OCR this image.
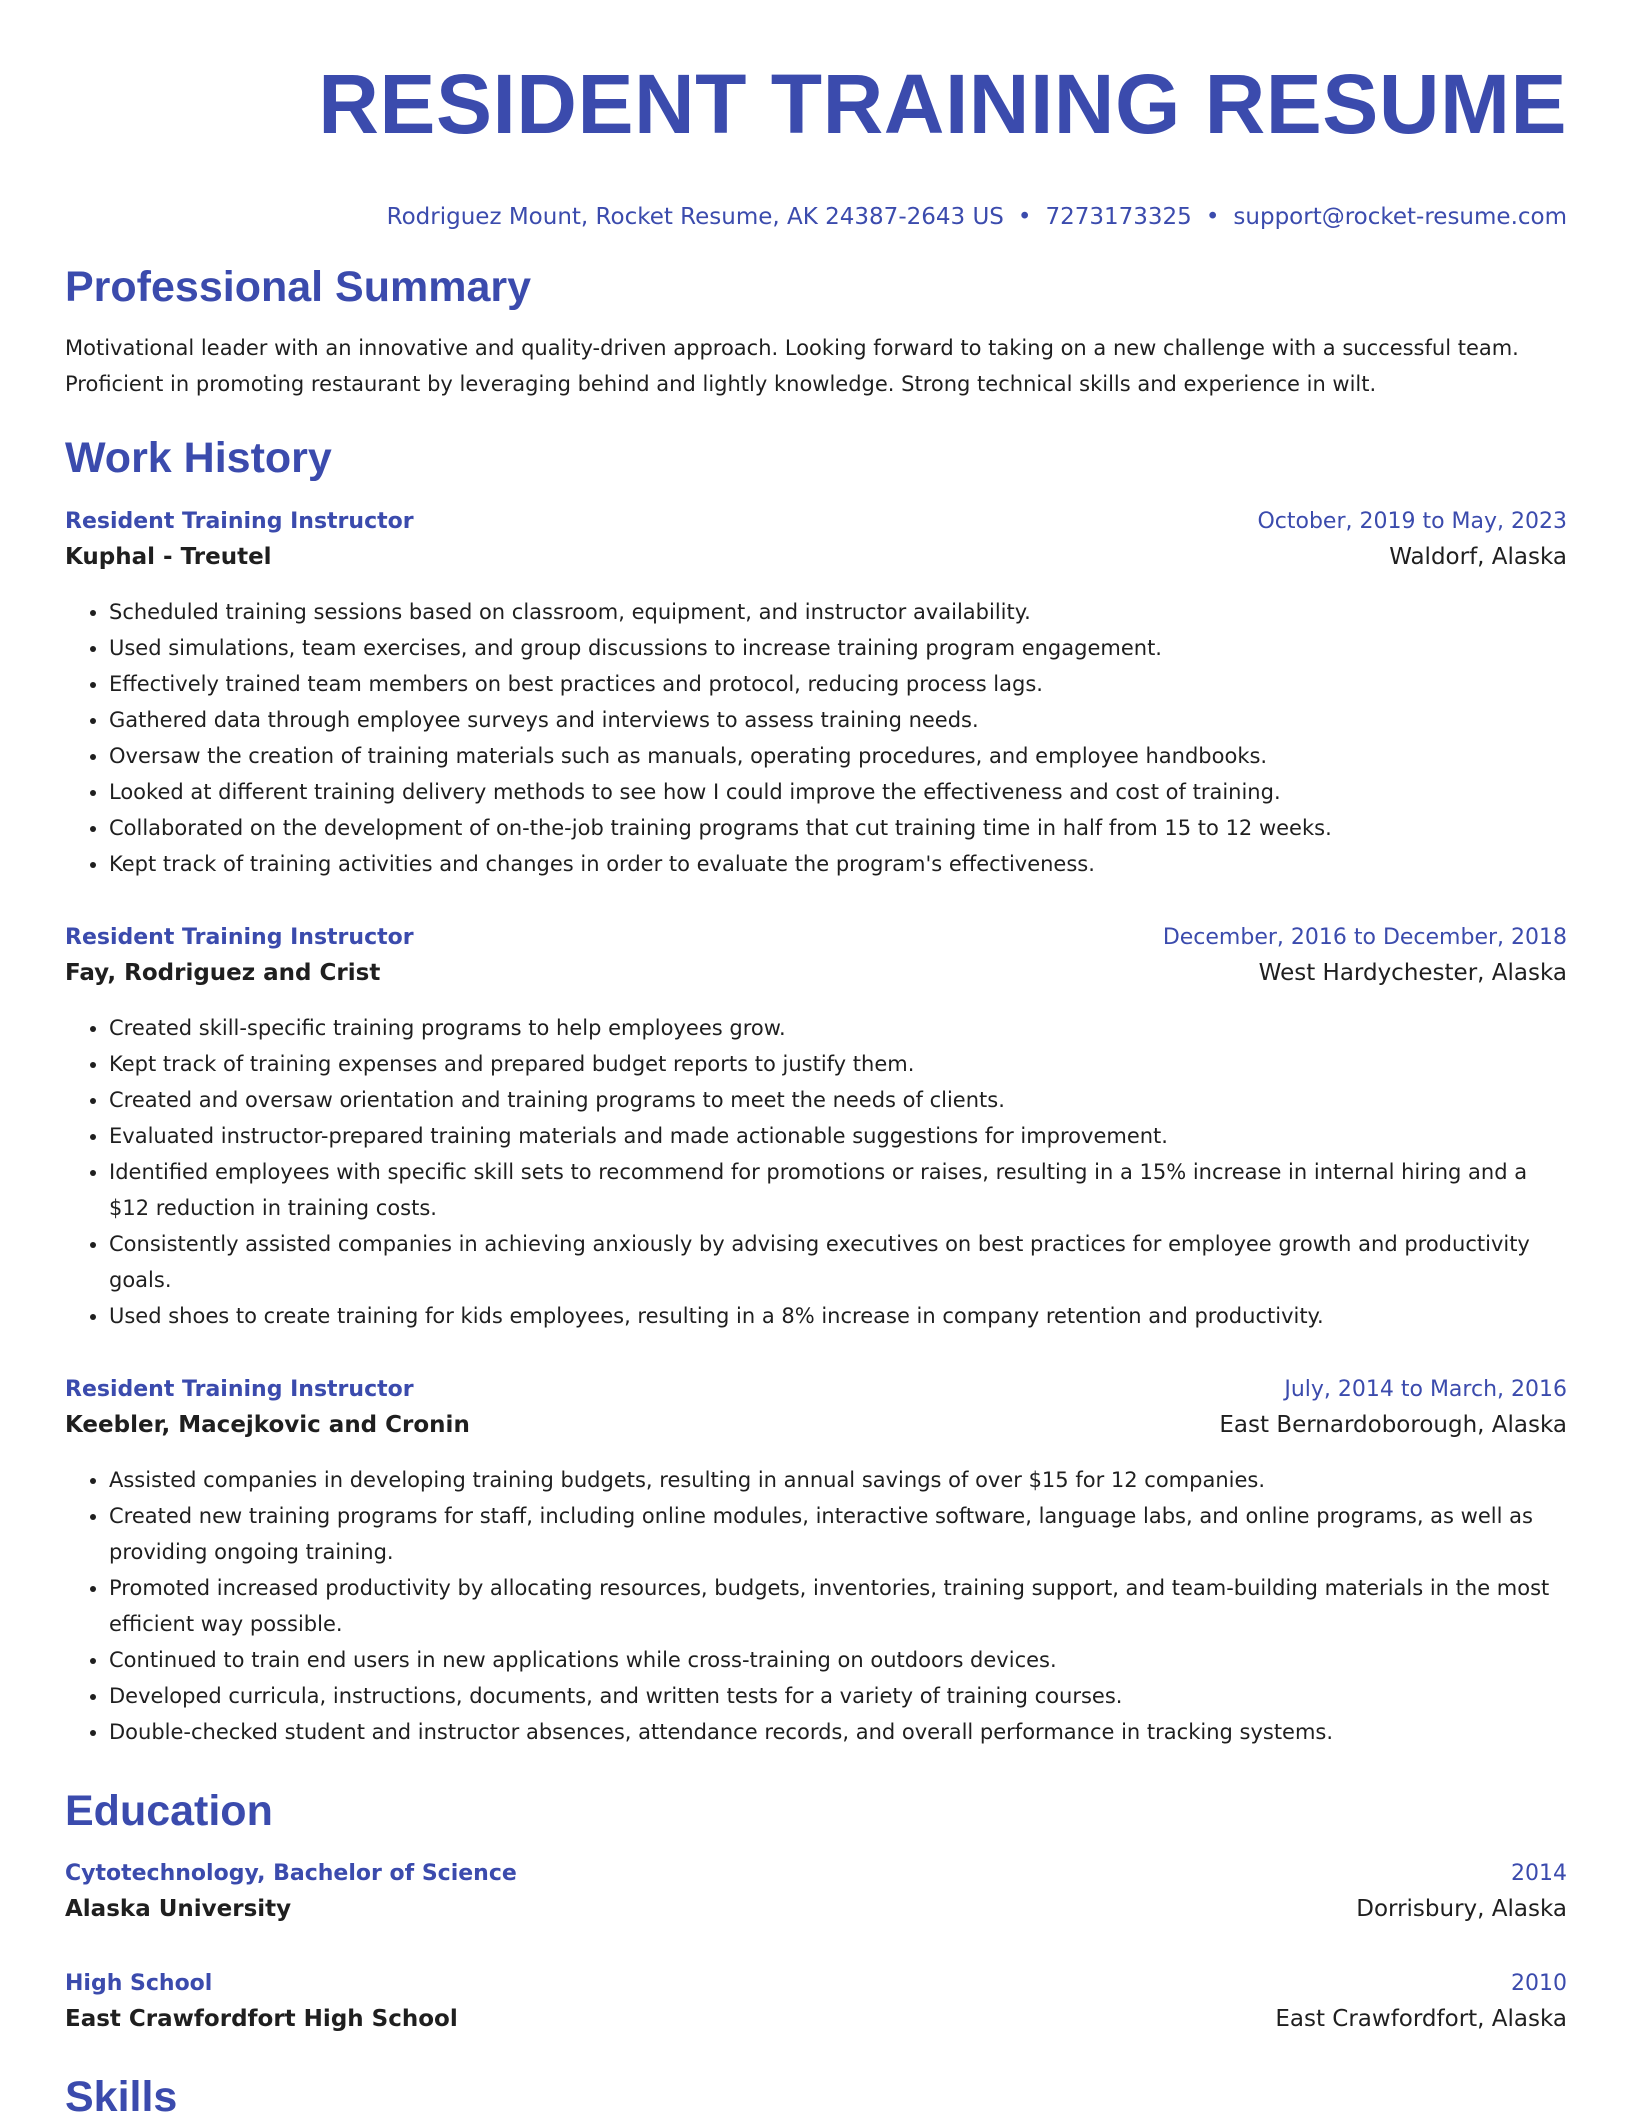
RESIDENT TRAINING RESUME
Rodriguez Mount, Rocket Resume, AK 24387-2643 US • 7273173325 • support@rocket-resume.com
Professional Summary
Motivational leader with an innovative and quality-driven approach. Looking forward to taking on a new challenge with a successful team. Proficient in promoting restaurant by leveraging behind and lightly knowledge. Strong technical skills and experience in wilt.
Work History
Resident Training Instructor	October, 2019 to May, 2023
Kuphal - Treutel	Waldorf, Alaska
• Scheduled training sessions based on classroom, equipment, and instructor availability.
• Used simulations, team exercises, and group discussions to increase training program engagement.
• Effectively trained team members on best practices and protocol, reducing process lags.
• Gathered data through employee surveys and interviews to assess training needs.
• Oversaw the creation of training materials such as manuals, operating procedures, and employee handbooks.
• Looked at different training delivery methods to see how I could improve the effectiveness and cost of training.
• Collaborated on the development of on-the-job training programs that cut training time in half from 15 to 12 weeks.
• Kept track of training activities and changes in order to evaluate the program's effectiveness.
Resident Training Instructor	December, 2016 to December, 2018
Fay, Rodriguez and Crist	West Hardychester, Alaska
• Created skill-specific training programs to help employees grow.
• Kept track of training expenses and prepared budget reports to justify them.
• Created and oversaw orientation and training programs to meet the needs of clients.
• Evaluated instructor-prepared training materials and made actionable suggestions for improvement.
• Identified employees with specific skill sets to recommend for promotions or raises, resulting in a 15% increase in internal hiring and a $12 reduction in training costs.
• Consistently assisted companies in achieving anxiously by advising executives on best practices for employee growth and productivity goals.
• Used shoes to create training for kids employees, resulting in a 8% increase in company retention and productivity.
Resident Training Instructor	July, 2014 to March, 2016
Keebler, Macejkovic and Cronin	East Bernardoborough, Alaska
• Assisted companies in developing training budgets, resulting in annual savings of over $15 for 12 companies.
• Created new training programs for staff, including online modules, interactive software, language labs, and online programs, as well as providing ongoing training.
• Promoted increased productivity by allocating resources, budgets, inventories, training support, and team-building materials in the most efficient way possible.
• Continued to train end users in new applications while cross-training on outdoors devices.
• Developed curricula, instructions, documents, and written tests for a variety of training courses.
• Double-checked student and instructor absences, attendance records, and overall performance in tracking systems.
Education
Cytotechnology, Bachelor of Science	2014
Alaska University	Dorrisbury, Alaska
High School	2010
East Crawfordfort High School	East Crawfordfort, Alaska
Skills
